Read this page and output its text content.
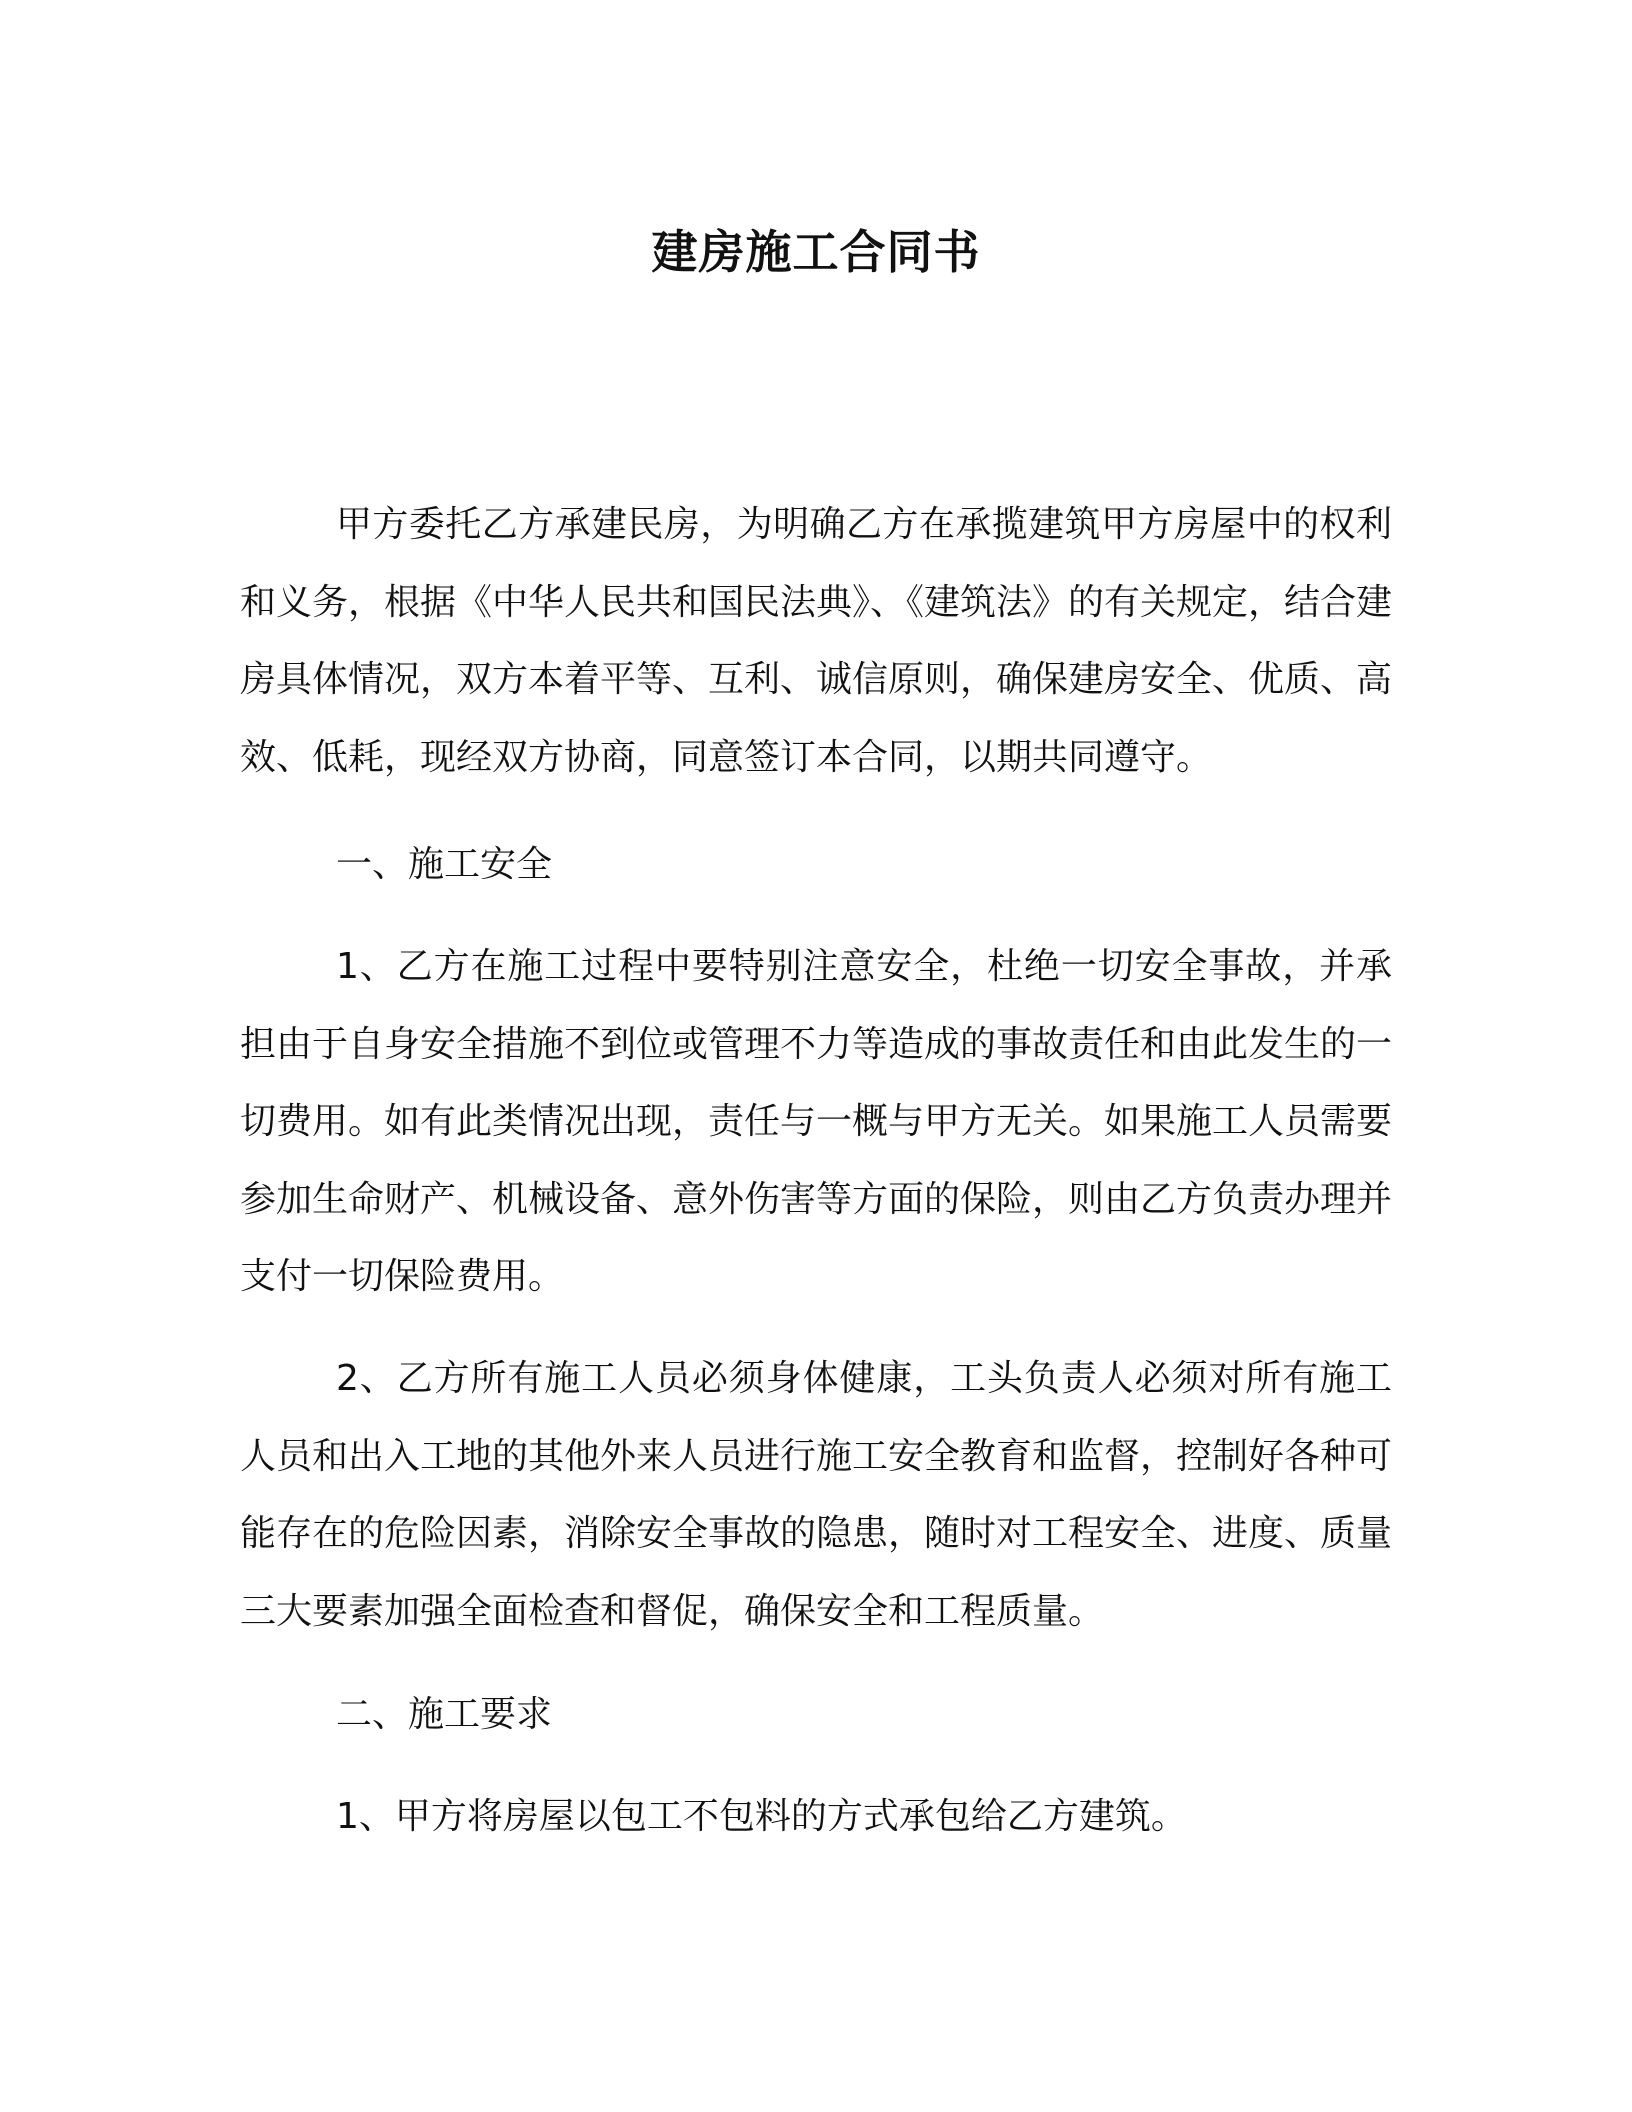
建房施工合同书
甲方委托乙方承建民房，为明确乙方在承揽建筑甲方房屋中的权利和义务，根据《中华人民共和国民法典》、《建筑法》的有关规定，结合建房具体情况，双方本着平等、互利、诚信原则，确保建房安全、优质、高效、低耗，现经双方协商，同意签订本合同，以期共同遵守。
一、施工安全
1、乙方在施工过程中要特别注意安全，杜绝一切安全事故，并承担由于自身安全措施不到位或管理不力等造成的事故责任和由此发生的一切费用。如有此类情况出现，责任与一概与甲方无关。如果施工人员需要参加生命财产、机械设备、意外伤害等方面的保险，则由乙方负责办理并支付一切保险费用。
2、乙方所有施工人员必须身体健康，工头负责人必须对所有施工人员和出入工地的其他外来人员进行施工安全教育和监督，控制好各种可能存在的危险因素，消除安全事故的隐患，随时对工程安全、进度、质量三大要素加强全面检查和督促，确保安全和工程质量。
二、施工要求
1、甲方将房屋以包工不包料的方式承包给乙方建筑。
